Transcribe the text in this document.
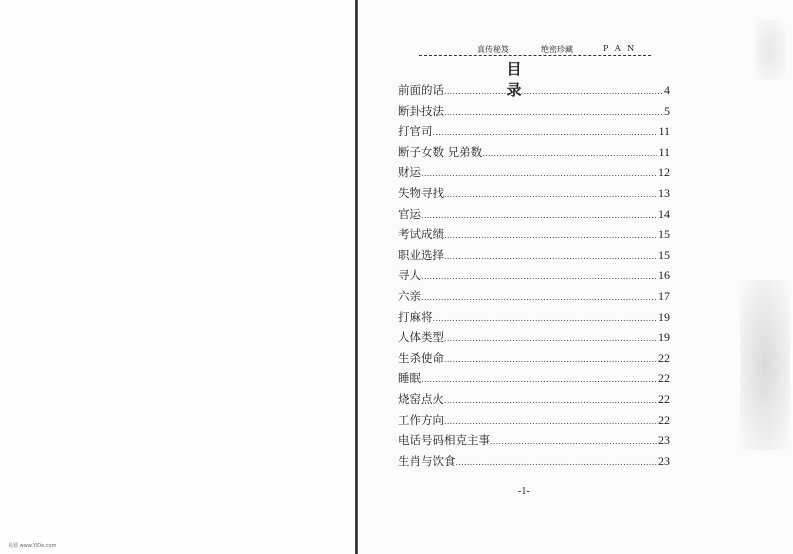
易德 www.YiDe.com
真传秘笈	绝密珍藏	P A N
目 录
前面的话 .....	4
断卦技法 .....	5
打官司 .....	11
断子女数 兄弟数 .....	11
财运 .....	12
失物寻找 .....	13
官运 .....	14
考试成绩 .....	15
职业选择 .....	15
寻人 .....	16
六亲 .....	17
打麻将 .....	19
人体类型 .....	19
生杀使命 .....	22
睡眠 .....	22
烧窑点火 .....	22
工作方向 .....	22
电话号码相克主事 .....	23
生肖与饮食 .....	23
-1-
